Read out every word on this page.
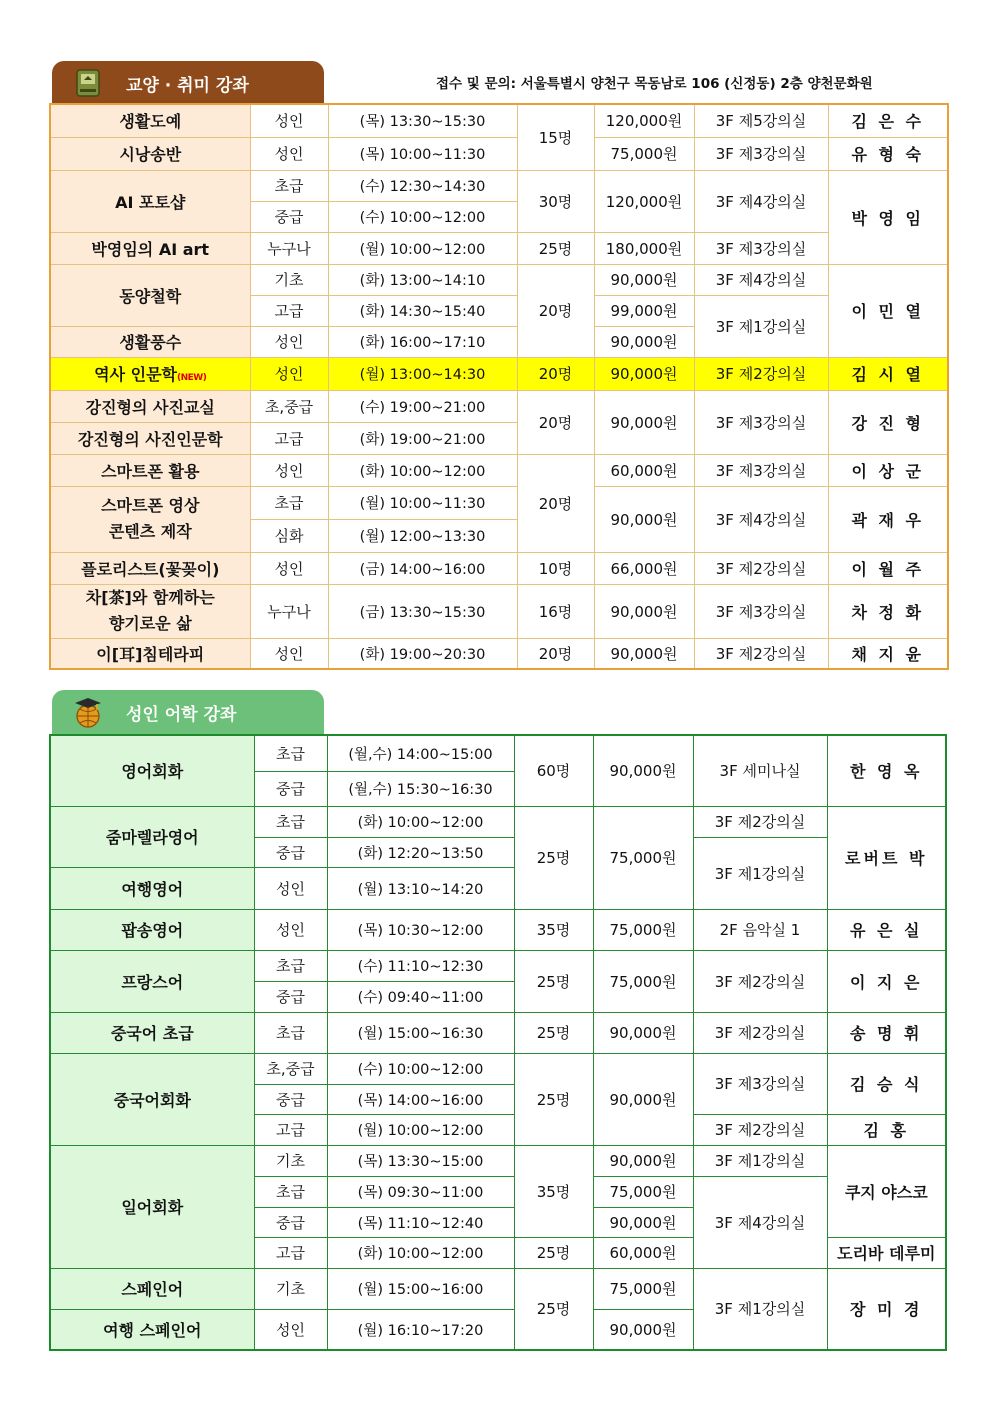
교양 · 취미 강좌	접수 및 문의: 서울특별시 양천구 목동남로 106 (신정동) 2층 양천문화원
생활도예	성인	(목) 13:30~15:30	15명	120,000원	3F 제5강의실	김 은 수
시낭송반	성인	(목) 10:00~11:30		75,000원	3F 제3강의실	유 형 숙
AI 포토샵	초급	(수) 12:30~14:30	30명	120,000원	3F 제4강의실	박 영 임
	중급	(수) 10:00~12:00				
박영임의 AI art	누구나	(월) 10:00~12:00	25명	180,000원	3F 제3강의실	
동양철학	기초	(화) 13:00~14:10	20명	90,000원	3F 제4강의실	이 민 열
	고급	(화) 14:30~15:40		99,000원	3F 제1강의실	
생활풍수	성인	(화) 16:00~17:10		90,000원		
역사 인문학(NEW)	성인	(월) 13:00~14:30	20명	90,000원	3F 제2강의실	김 시 열
강진형의 사진교실	초,중급	(수) 19:00~21:00	20명	90,000원	3F 제3강의실	강 진 형
강진형의 사진인문학	고급	(화) 19:00~21:00				
스마트폰 활용	성인	(화) 10:00~12:00	20명	60,000원	3F 제3강의실	이 상 군

스마트폰 영상
콘텐츠 제작	초급	(월) 10:00~11:30		90,000원	3F 제4강의실	곽 재 우
	심화	(월) 12:00~13:30				
플로리스트(꽃꽂이)	성인	(금) 14:00~16:00	10명	66,000원	3F 제2강의실	이 월 주

차[茶]와 함께하는
향기로운 삶	누구나	(금) 13:30~15:30	16명	90,000원	3F 제3강의실	차 정 화
이[耳]침테라피	성인	(화) 19:00~20:30	20명	90,000원	3F 제2강의실	채 지 윤
성인 어학 강좌
영어회화	초급	(월,수) 14:00~15:00	60명	90,000원	3F 세미나실	한 영 옥
	중급	(월,수) 15:30~16:30				
줌마렐라영어	초급	(화) 10:00~12:00	25명	75,000원	3F 제2강의실	로버트 박
	중급	(화) 12:20~13:50			3F 제1강의실	
여행영어	성인	(월) 13:10~14:20				
팝송영어	성인	(목) 10:30~12:00	35명	75,000원	2F 음악실 1	유 은 실
프랑스어	초급	(수) 11:10~12:30	25명	75,000원	3F 제2강의실	이 지 은
	중급	(수) 09:40~11:00				
중국어 초급	초급	(월) 15:00~16:30	25명	90,000원	3F 제2강의실	송 명 휘
중국어회화	초,중급	(수) 10:00~12:00	25명	90,000원	3F 제3강의실	김 승 식
	중급	(목) 14:00~16:00				
	고급	(월) 10:00~12:00			3F 제2강의실	김 홍
일어회화	기초	(목) 13:30~15:00	35명	90,000원	3F 제1강의실	쿠지 야스코
	초급	(목) 09:30~11:00		75,000원	3F 제4강의실	
	중급	(목) 11:10~12:40		90,000원		
	고급	(화) 10:00~12:00	25명	60,000원		도리바 데루미
스페인어	기초	(월) 15:00~16:00	25명	75,000원	3F 제1강의실	장 미 경
여행 스페인어	성인	(월) 16:10~17:20		90,000원		
